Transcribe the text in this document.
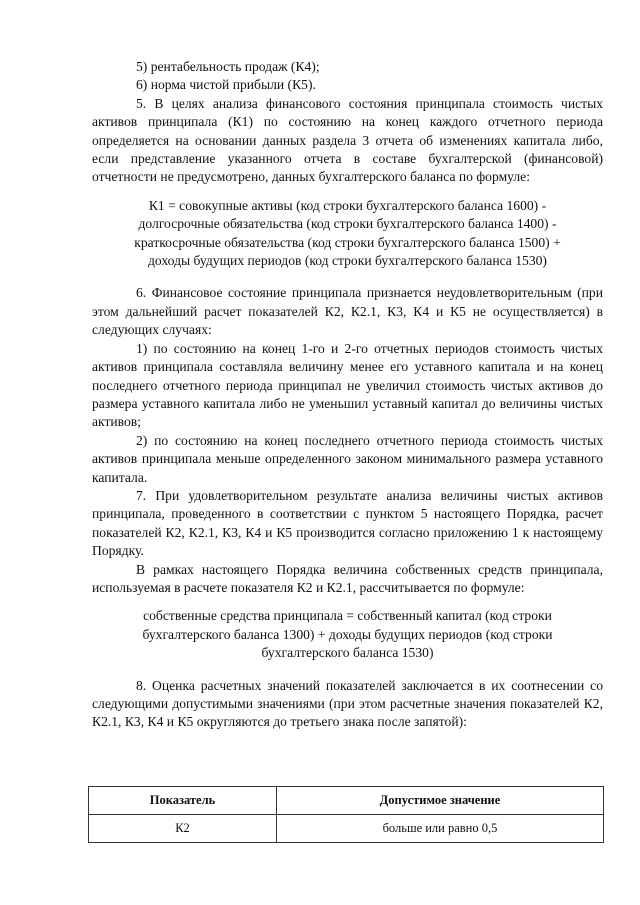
5) рентабельность продаж (К4);

6) норма чистой прибыли (К5).

5. В целях анализа финансового состояния принципала стоимость чистых активов принципала (К1) по состоянию на конец каждого отчетного периода определяется на основании данных раздела 3 отчета об изменениях капитала либо, если представление указанного отчета в составе бухгалтерской (финансовой) отчетности не предусмотрено, данных бухгалтерского баланса по формуле:

К1 = совокупные активы (код строки бухгалтерского баланса 1600) - долгосрочные обязательства (код строки бухгалтерского баланса 1400) - краткосрочные обязательства (код строки бухгалтерского баланса 1500) + доходы будущих периодов (код строки бухгалтерского баланса 1530)

6. Финансовое состояние принципала признается неудовлетворительным (при этом дальнейший расчет показателей К2, К2.1, К3, К4 и К5 не осуществляется) в следующих случаях:

1) по состоянию на конец 1-го и 2-го отчетных периодов стоимость чистых активов принципала составляла величину менее его уставного капитала и на конец последнего отчетного периода принципал не увеличил стоимость чистых активов до размера уставного капитала либо не уменьшил уставный капитал до величины чистых активов;

2) по состоянию на конец последнего отчетного периода стоимость чистых активов принципала меньше определенного законом минимального размера уставного капитала.

7. При удовлетворительном результате анализа величины чистых активов принципала, проведенного в соответствии с пунктом 5 настоящего Порядка, расчет показателей К2, К2.1, К3, К4 и К5 производится согласно приложению 1 к настоящему Порядку.

В рамках настоящего Порядка величина собственных средств принципала, используемая в расчете показателя К2 и К2.1, рассчитывается по формуле:

собственные средства принципала = собственный капитал (код строки бухгалтерского баланса 1300) + доходы будущих периодов (код строки бухгалтерского баланса 1530)

8. Оценка расчетных значений показателей заключается в их соотнесении со следующими допустимыми значениями (при этом расчетные значения показателей К2, К2.1, К3, К4 и К5 округляются до третьего знака после запятой):

Показатель	Допустимое значение
К2	больше или равно 0,5
